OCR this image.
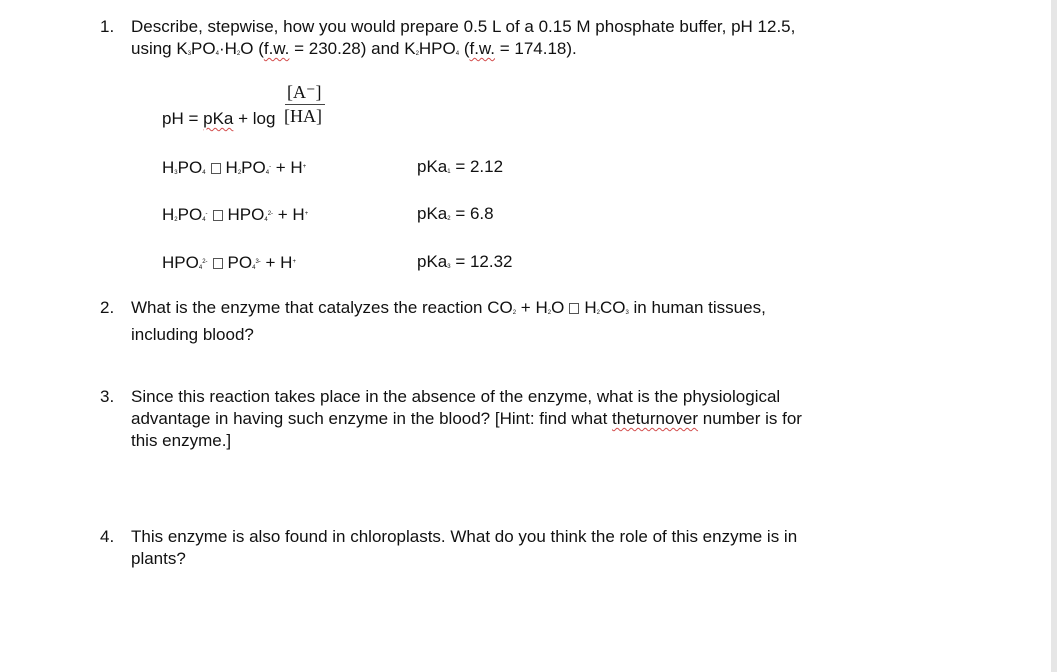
1. Describe, stepwise, how you would prepare 0.5 L of a 0.15 M phosphate buffer, pH 12.5,
using K3PO4·H2O (f.w. = 230.28) and K2HPO4 (f.w. = 174.18).
[A⁻]
[HA]
pH = pKa + log
H3PO4 H2PO4- + H+	pKa1 = 2.12
H2PO4- $HPO4^{2-} + H^+$	pKa2 = 6.8
$HPO4^{2-}$ $PO4^{3-} + H^+$	pKa3 = 12.32
2. What is the enzyme that catalyzes the reaction CO2 + H2O H2CO3 in human tissues,
including blood?
3. Since this reaction takes place in the absence of the enzyme, what is the physiological
advantage in having such enzyme in the blood? [Hint: find what theturnover number is for
this enzyme.]
4. This enzyme is also found in chloroplasts. What do you think the role of this enzyme is in
plants?
